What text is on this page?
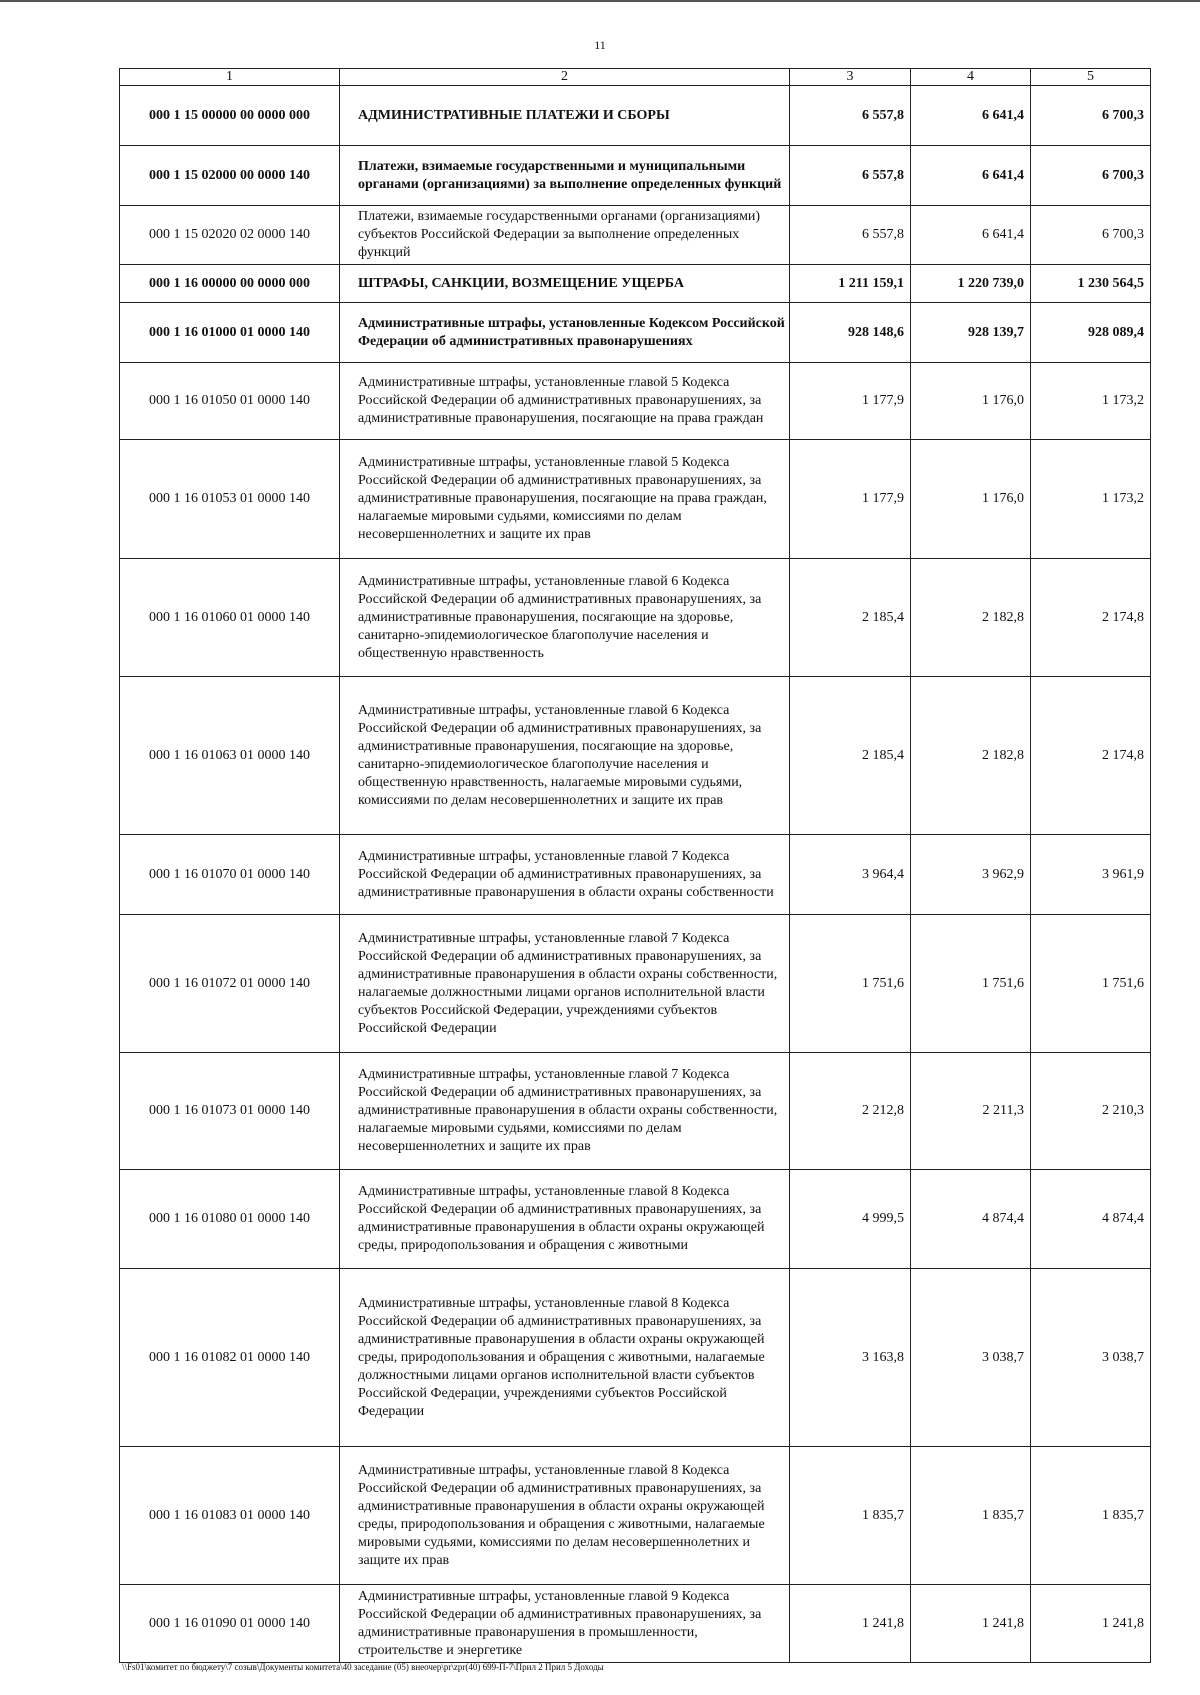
11
1	2	3	4	5
000 1 15 00000 00 0000 000	АДМИНИСТРАТИВНЫЕ ПЛАТЕЖИ И СБОРЫ	6 557,8	6 641,4	6 700,3
000 1 15 02000 00 0000 140	Платежи, взимаемые государственными и муниципальными органами (организациями) за выполнение определенных функций	6 557,8	6 641,4	6 700,3
000 1 15 02020 02 0000 140	Платежи, взимаемые государственными органами (организациями) субъектов Российской Федерации за выполнение определенных функций	6 557,8	6 641,4	6 700,3
000 1 16 00000 00 0000 000	ШТРАФЫ, САНКЦИИ, ВОЗМЕЩЕНИЕ УЩЕРБА	1 211 159,1	1 220 739,0	1 230 564,5
000 1 16 01000 01 0000 140	Административные штрафы, установленные Кодексом Российской Федерации об административных правонарушениях	928 148,6	928 139,7	928 089,4
000 1 16 01050 01 0000 140	Административные штрафы, установленные главой 5 Кодекса Российской Федерации об административных правонарушениях, за административные правонарушения, посягающие на права граждан	1 177,9	1 176,0	1 173,2
000 1 16 01053 01 0000 140	Административные штрафы, установленные главой 5 Кодекса Российской Федерации об административных правонарушениях, за административные правонарушения, посягающие на права граждан, налагаемые мировыми судьями, комиссиями по делам несовершеннолетних и защите их прав	1 177,9	1 176,0	1 173,2
000 1 16 01060 01 0000 140	Административные штрафы, установленные главой 6 Кодекса Российской Федерации об административных правонарушениях, за административные правонарушения, посягающие на здоровье, санитарно-эпидемиологическое благополучие населения и общественную нравственность	2 185,4	2 182,8	2 174,8
000 1 16 01063 01 0000 140	Административные штрафы, установленные главой 6 Кодекса Российской Федерации об административных правонарушениях, за административные правонарушения, посягающие на здоровье, санитарно-эпидемиологическое благополучие населения и общественную нравственность, налагаемые мировыми судьями, комиссиями по делам несовершеннолетних и защите их прав	2 185,4	2 182,8	2 174,8
000 1 16 01070 01 0000 140	Административные штрафы, установленные главой 7 Кодекса Российской Федерации об административных правонарушениях, за административные правонарушения в области охраны собственности	3 964,4	3 962,9	3 961,9
000 1 16 01072 01 0000 140	Административные штрафы, установленные главой 7 Кодекса Российской Федерации об административных правонарушениях, за административные правонарушения в области охраны собственности, налагаемые должностными лицами органов исполнительной власти субъектов Российской Федерации, учреждениями субъектов Российской Федерации	1 751,6	1 751,6	1 751,6
000 1 16 01073 01 0000 140	Административные штрафы, установленные главой 7 Кодекса Российской Федерации об административных правонарушениях, за административные правонарушения в области охраны собственности, налагаемые мировыми судьями, комиссиями по делам несовершеннолетних и защите их прав	2 212,8	2 211,3	2 210,3
000 1 16 01080 01 0000 140	Административные штрафы, установленные главой 8 Кодекса Российской Федерации об административных правонарушениях, за административные правонарушения в области охраны окружающей среды, природопользования и обращения с животными	4 999,5	4 874,4	4 874,4
000 1 16 01082 01 0000 140	Административные штрафы, установленные главой 8 Кодекса Российской Федерации об административных правонарушениях, за административные правонарушения в области охраны окружающей среды, природопользования и обращения с животными, налагаемые должностными лицами органов исполнительной власти субъектов Российской Федерации, учреждениями субъектов Российской Федерации	3 163,8	3 038,7	3 038,7
000 1 16 01083 01 0000 140	Административные штрафы, установленные главой 8 Кодекса Российской Федерации об административных правонарушениях, за административные правонарушения в области охраны окружающей среды, природопользования и обращения с животными, налагаемые мировыми судьями, комиссиями по делам несовершеннолетних и защите их прав	1 835,7	1 835,7	1 835,7
000 1 16 01090 01 0000 140	Административные штрафы, установленные главой 9 Кодекса Российской Федерации об административных правонарушениях, за административные правонарушения в промышленности, строительстве и энергетике	1 241,8	1 241,8	1 241,8
\\Fs01\комитет по бюджету\7 созыв\Документы комитета\40 заседание (05) внеочер\pr\zpr(40) 699-П-7\Прил 2 Прил 5 Доходы
